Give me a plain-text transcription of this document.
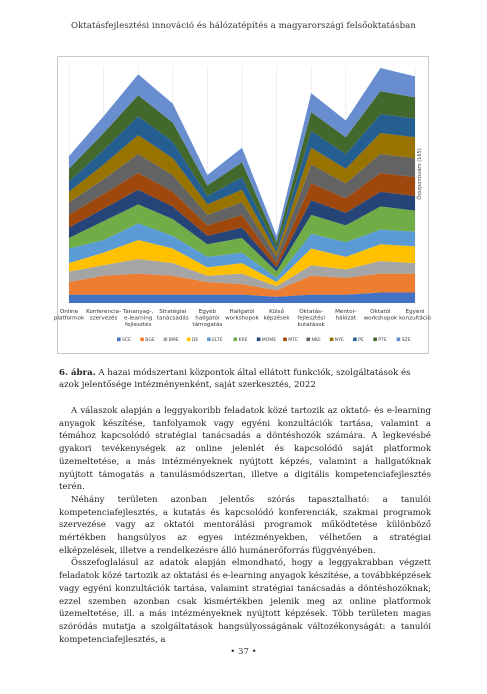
Oktatásfejlesztési innováció és hálózatépítés a magyarországi felsőoktatásban
Online platformok
Konferencia-szervezés
Tananyag-, e-learning fejlesztés
Stratégiai tanácsadás
Egyéb hallgatói támogatás
Hallgatói workshopok
Külső képzések
Oktatás-fejlesztési kutatások
Mentor-hálózat
Oktatói workshopok
Egyéni konzultáció
Összpontszám (165)
SCE	BGE	BME	DE	ELTE	KRE	MOME	MTE	NKE	NYE	PE	PTE	SZE
6. ábra. A hazai módszertani központok által ellátott funkciók, szolgáltatások és azok jelentősége intézményenként, saját szerkesztés, 2022

A válaszok alapján a leggyakoribb feladatok közé tartozik az oktató- és e-learning anyagok készítése, tanfolyamok vagy egyéni konzultációk tartása, valamint a témához kapcsolódó stratégiai tanácsadás a döntéshozók számára. A legkevésbé gyakori tevékenységek az online jelenlét és kapcsolódó saját platformok üzemeltetése, a más intézményeknek nyújtott képzés, valamint a hallgatóknak nyújtott támogatás a tanulásmódszertan, illetve a digitális kompetenciafejlesztés terén.

Néhány területen azonban jelentős szórás tapasztalható: a tanulói kompetenciafejlesztés, a kutatás és kapcsolódó konferenciák, szakmai programok szervezése vagy az oktatói mentorálási programok működtetése különböző mértékben hangsúlyos az egyes intézményekben, vélhetően a stratégiai elképzelések, illetve a rendelkezésre álló humánerőforrás függvényében.

Összefoglalásul az adatok alapján elmondható, hogy a leggyakrabban végzett feladatok közé tartozik az oktatási és e-learning anyagok készítése, a továbbképzések vagy egyéni konzultációk tartása, valamint stratégiai tanácsadás a döntéshozóknak; ezzel szemben azonban csak kismértékben jelenik meg az online platformok üzemeltetése, ill. a más intézményeknek nyújtott képzések. Több területen magas szóródás mutatja a szolgáltatások hangsúlyosságának változékonyságát: a tanulói kompetenciafejlesztés, a

• 37 •
